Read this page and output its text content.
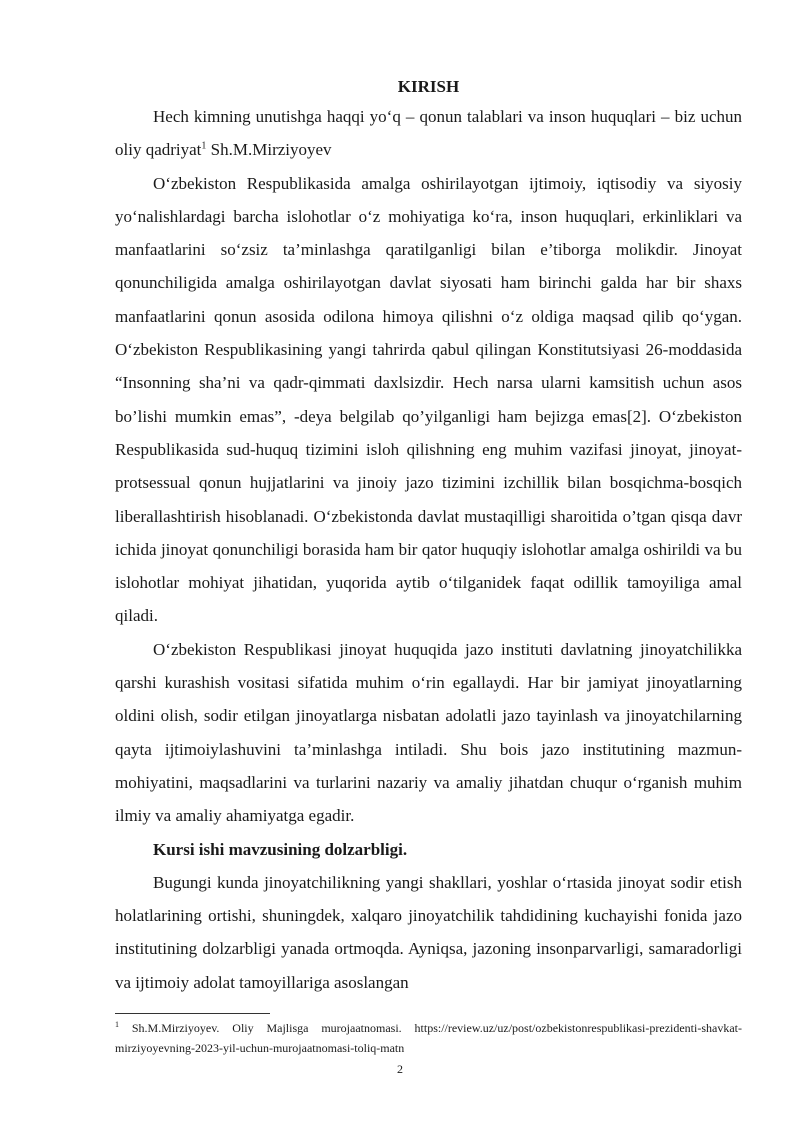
KIRISH

Hech kimning unutishga haqqi yo‘q – qonun talablari va inson huquqlari – biz uchun oliy qadriyat$^1$ Sh.M.Mirziyoyev

O‘zbekiston Respublikasida amalga oshirilayotgan ijtimoiy, iqtisodiy va siyosiy yo‘nalishlardagi barcha islohotlar o‘z mohiyatiga ko‘ra, inson huquqlari, erkinliklari va manfaatlarini so‘zsiz ta’minlashga qaratilganligi bilan e’tiborga molikdir. Jinoyat qonunchiligida amalga oshirilayotgan davlat siyosati ham birinchi galda har bir shaxs manfaatlarini qonun asosida odilona himoya qilishni o‘z oldiga maqsad qilib qo‘ygan. O‘zbekiston Respublikasining yangi tahrirda qabul qilingan Konstitutsiyasi 26-moddasida “Insonning sha’ni va qadr-qimmati daxlsizdir. Hech narsa ularni kamsitish uchun asos bo’lishi mumkin emas”, -deya belgilab qo’yilganligi ham bejizga emas[2]. O‘zbekiston Respublikasida sud-huquq tizimini isloh qilishning eng muhim vazifasi jinoyat, jinoyat-protsessual qonun hujjatlarini va jinoiy jazo tizimini izchillik bilan bosqichma-bosqich liberallashtirish hisoblanadi. O‘zbekistonda davlat mustaqilligi sharoitida o’tgan qisqa davr ichida jinoyat qonunchiligi borasida ham bir qator huquqiy islohotlar amalga oshirildi va bu islohotlar mohiyat jihatidan, yuqorida aytib o‘tilganidek faqat odillik tamoyiliga amal qiladi.

O‘zbekiston Respublikasi jinoyat huquqida jazo instituti davlatning jinoyatchilikka qarshi kurashish vositasi sifatida muhim o‘rin egallaydi. Har bir jamiyat jinoyatlarning oldini olish, sodir etilgan jinoyatlarga nisbatan adolatli jazo tayinlash va jinoyatchilarning qayta ijtimoiylashuvini ta’minlashga intiladi. Shu bois jazo institutining mazmun-mohiyatini, maqsadlarini va turlarini nazariy va amaliy jihatdan chuqur o‘rganish muhim ilmiy va amaliy ahamiyatga egadir.

Kursi ishi mavzusining dolzarbligi.

Bugungi kunda jinoyatchilikning yangi shakllari, yoshlar o‘rtasida jinoyat sodir etish holatlarining ortishi, shuningdek, xalqaro jinoyatchilik tahdidining kuchayishi fonida jazo institutining dolzarbligi yanada ortmoqda. Ayniqsa, jazoning insonparvarligi, samaradorligi va ijtimoiy adolat tamoyillariga asoslangan

$^1$ Sh.M.Mirziyoyev. Oliy Majlisga murojaatnomasi. https://review.uz/uz/post/ozbekistonrespublikasi-prezidenti-shavkat-mirziyoyevning-2023-yil-uchun-murojaatnomasi-toliq-matn

2
